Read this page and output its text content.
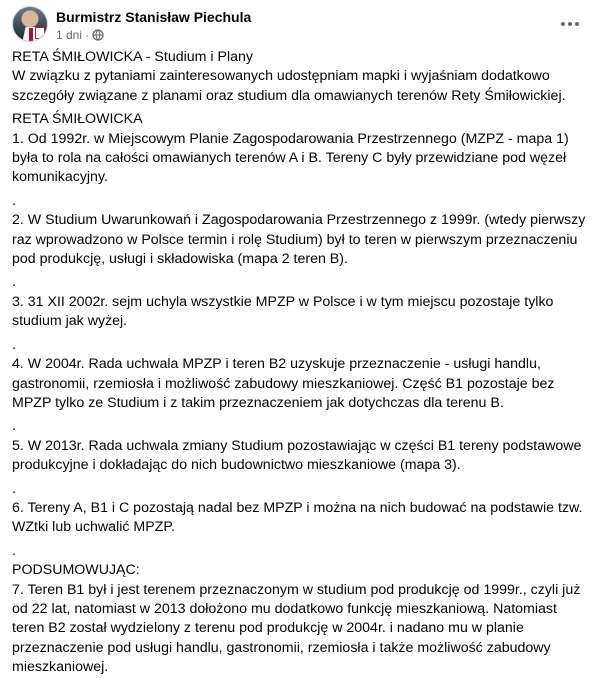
Burmistrz Stanisław Piechula
1 dni ·

RETA ŚMIŁOWICKA - Studium i Plany

W związku z pytaniami zainteresowanych udostępniam mapki i wyjaśniam dodatkowo szczegóły związane z planami oraz studium dla omawianych terenów Rety Śmiłowickiej.

RETA ŚMIŁOWICKA

1. Od 1992r. w Miejscowym Planie Zagospodarowania Przestrzennego (MZPZ - mapa 1) była to rola na całości omawianych terenów A i B. Tereny C były przewidziane pod węzeł komunikacyjny.

.

2. W Studium Uwarunkowań i Zagospodarowania Przestrzennego z 1999r. (wtedy pierwszy raz wprowadzono w Polsce termin i rolę Studium) był to teren w pierwszym przeznaczeniu pod produkcję, usługi i składowiska (mapa 2 teren B).

.

3. 31 XII 2002r. sejm uchyla wszystkie MPZP w Polsce i w tym miejscu pozostaje tylko studium jak wyżej.

.

4. W 2004r. Rada uchwala MPZP i teren B2 uzyskuje przeznaczenie - usługi handlu, gastronomii, rzemiosła i możliwość zabudowy mieszkaniowej. Część B1 pozostaje bez MPZP tylko ze Studium i z takim przeznaczeniem jak dotychczas dla terenu B.

.

5. W 2013r. Rada uchwala zmiany Studium pozostawiając w części B1 tereny podstawowe produkcyjne i dokładając do nich budownictwo mieszkaniowe (mapa 3).

.

6. Tereny A, B1 i C pozostają nadal bez MPZP i można na nich budować na podstawie tzw. WZtki lub uchwalić MPZP.

.

PODSUMOWUJĄC:

7. Teren B1 był i jest terenem przeznaczonym w studium pod produkcję od 1999r., czyli już od 22 lat, natomiast w 2013 dołożono mu dodatkowo funkcję mieszkaniową. Natomiast teren B2 został wydzielony z terenu pod produkcję w 2004r. i nadano mu w planie przeznaczenie pod usługi handlu, gastronomii, rzemiosła i także możliwość zabudowy mieszkaniowej.
